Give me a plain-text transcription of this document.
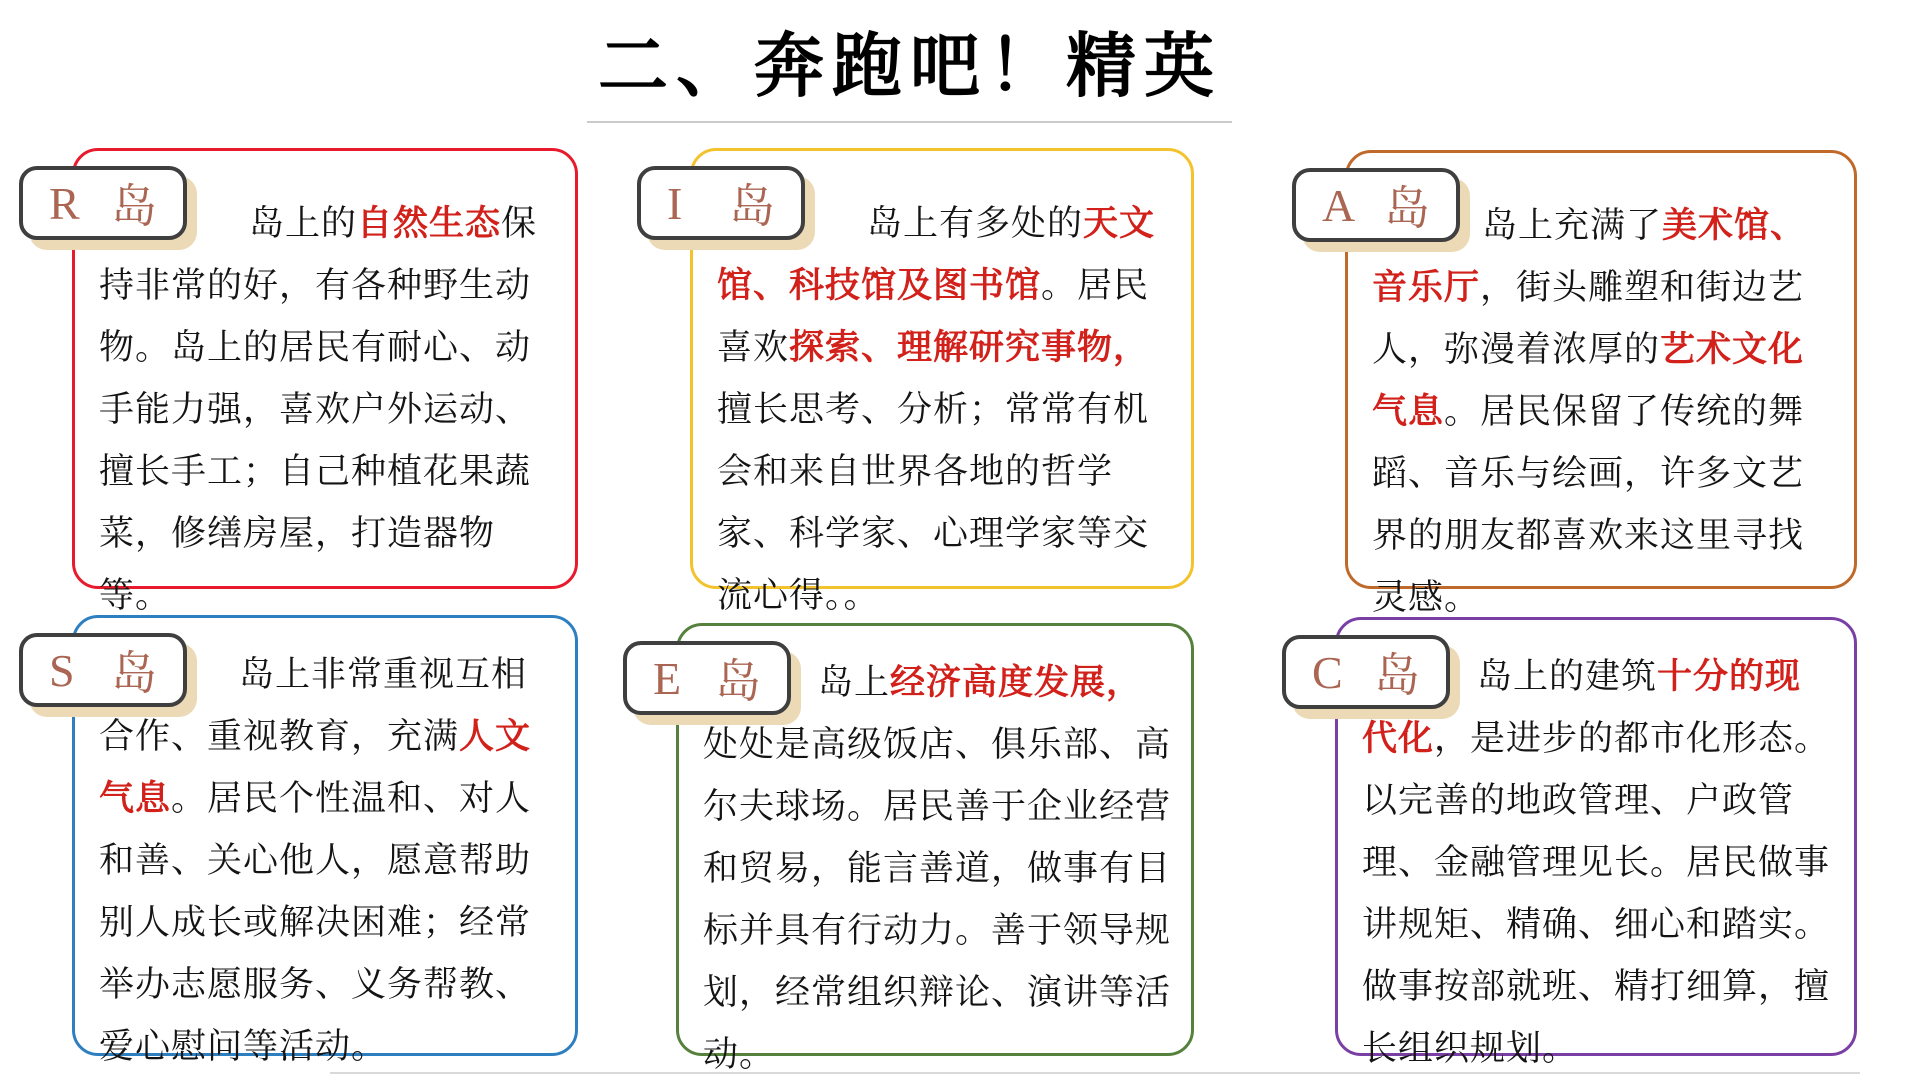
二、奔跑吧！精英
R 岛	岛上的自然生态保持非常的好，有各种野生动物。岛上的居民有耐心、动手能力强，喜欢户外运动、擅长手工；自己种植花果蔬菜，修缮房屋，打造器物等。

I 岛	岛上有多处的天文馆、科技馆及图书馆。居民喜欢探索、理解研究事物，擅长思考、分析；常常有机会和来自世界各地的哲学家、科学家、心理学家等交流心得。。

A 岛	岛上充满了美术馆、音乐厅，街头雕塑和街边艺人，弥漫着浓厚的艺术文化气息。居民保留了传统的舞蹈、音乐与绘画，许多文艺界的朋友都喜欢来这里寻找灵感。

S 岛	岛上非常重视互相合作、重视教育，充满人文气息。居民个性温和、对人和善、关心他人，愿意帮助别人成长或解决困难；经常举办志愿服务、义务帮教、爱心慰问等活动。

E 岛	岛上经济高度发展，处处是高级饭店、俱乐部、高尔夫球场。居民善于企业经营和贸易，能言善道，做事有目标并具有行动力。善于领导规划，经常组织辩论、演讲等活动。

C 岛	岛上的建筑十分的现代化，是进步的都市化形态。以完善的地政管理、户政管理、金融管理见长。居民做事讲规矩、精确、细心和踏实。做事按部就班、精打细算，擅长组织规划。
